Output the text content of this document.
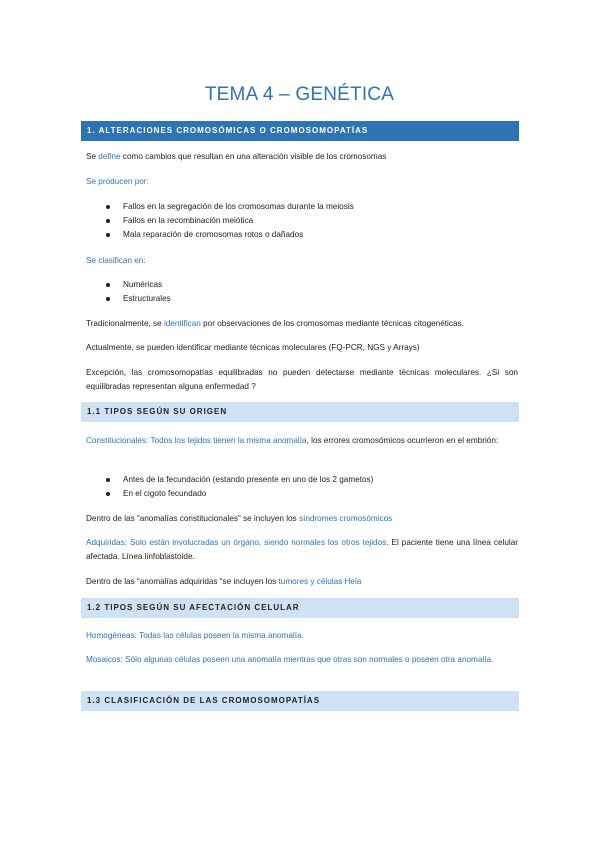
TEMA 4 – GENÉTICA
1. ALTERACIONES CROMOSÓMICAS O CROMOSOMOPATÍAS
Se define como cambios que resultan en una alteración visible de los cromosomas
Se producen por:
Fallos en la segregación de los cromosomas durante la meiosis
Fallos en la recombinación meiótica
Mala reparación de cromosomas rotos o dañados
Se clasifican en:
Numéricas
Estructurales
Tradicionalmente, se identifican por observaciones de los cromosomas mediante técnicas citogenéticas.
Actualmente, se pueden identificar mediante técnicas moleculares (FQ-PCR, NGS y Arrays)
Excepción, las cromosomopatías equilibradas no pueden detectarse mediante técnicas moleculares. ¿Si son equilibradas representan alguna enfermedad ?
1.1 TIPOS SEGÚN SU ORIGEN
Constitucionales: Todos los tejidos tienen la misma anomalía, los errores cromosómicos ocurrieron en el embrión:
Antes de la fecundación (estando presente en uno de los 2 gametos)
En el cigoto fecundado
Dentro de las “anomalías constitucionales” se incluyen los síndromes cromosómicos
Adquiridas: Solo están involucradas un órgano, siendo normales los otros tejidos. El paciente tiene una línea celular afectada. Línea linfoblastoide.
Dentro de las “anomalías adquiridas “se incluyen los tumores y células Hela
1.2 TIPOS SEGÚN SU AFECTACIÓN CELULAR
Homogéneas: Todas las células poseen la misma anomalía.
Mosaicos: Sólo algunas células poseen una anomalía mientras que otras son normales o poseen otra anomalía.
1.3 CLASIFICACIÓN DE LAS CROMOSOMOPATÍAS
